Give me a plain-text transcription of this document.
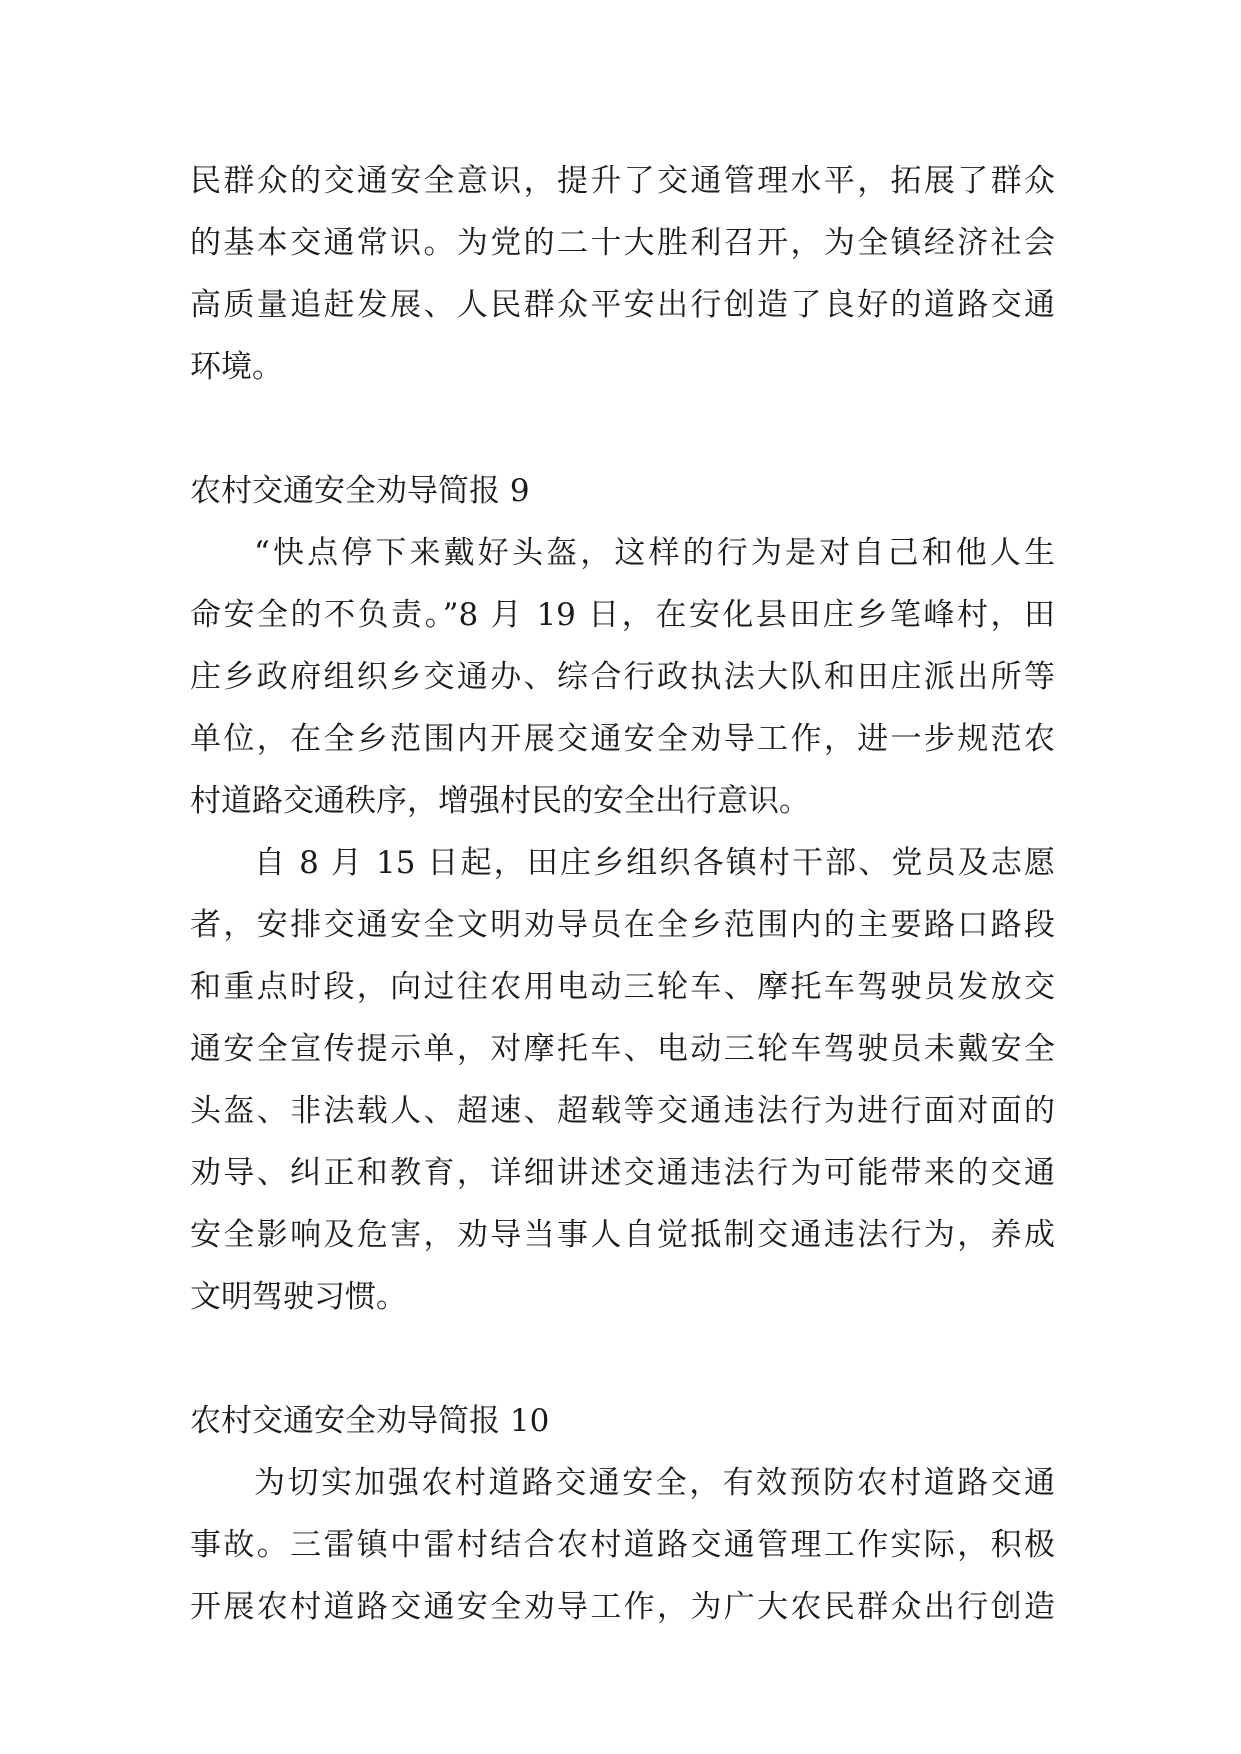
民群众的交通安全意识，提升了交通管理水平，拓展了群众
的基本交通常识。为党的二十大胜利召开，为全镇经济社会
高质量追赶发展、人民群众平安出行创造了良好的道路交通
环境。
农村交通安全劝导简报 9
“快点停下来戴好头盔，这样的行为是对自己和他人生
命安全的不负责。”8 月 19 日，在安化县田庄乡笔峰村，田
庄乡政府组织乡交通办、综合行政执法大队和田庄派出所等
单位，在全乡范围内开展交通安全劝导工作，进一步规范农
村道路交通秩序，增强村民的安全出行意识。
自 8 月 15 日起，田庄乡组织各镇村干部、党员及志愿
者，安排交通安全文明劝导员在全乡范围内的主要路口路段
和重点时段，向过往农用电动三轮车、摩托车驾驶员发放交
通安全宣传提示单，对摩托车、电动三轮车驾驶员未戴安全
头盔、非法载人、超速、超载等交通违法行为进行面对面的
劝导、纠正和教育，详细讲述交通违法行为可能带来的交通
安全影响及危害，劝导当事人自觉抵制交通违法行为，养成
文明驾驶习惯。
农村交通安全劝导简报 10
为切实加强农村道路交通安全，有效预防农村道路交通
事故。三雷镇中雷村结合农村道路交通管理工作实际，积极
开展农村道路交通安全劝导工作，为广大农民群众出行创造
